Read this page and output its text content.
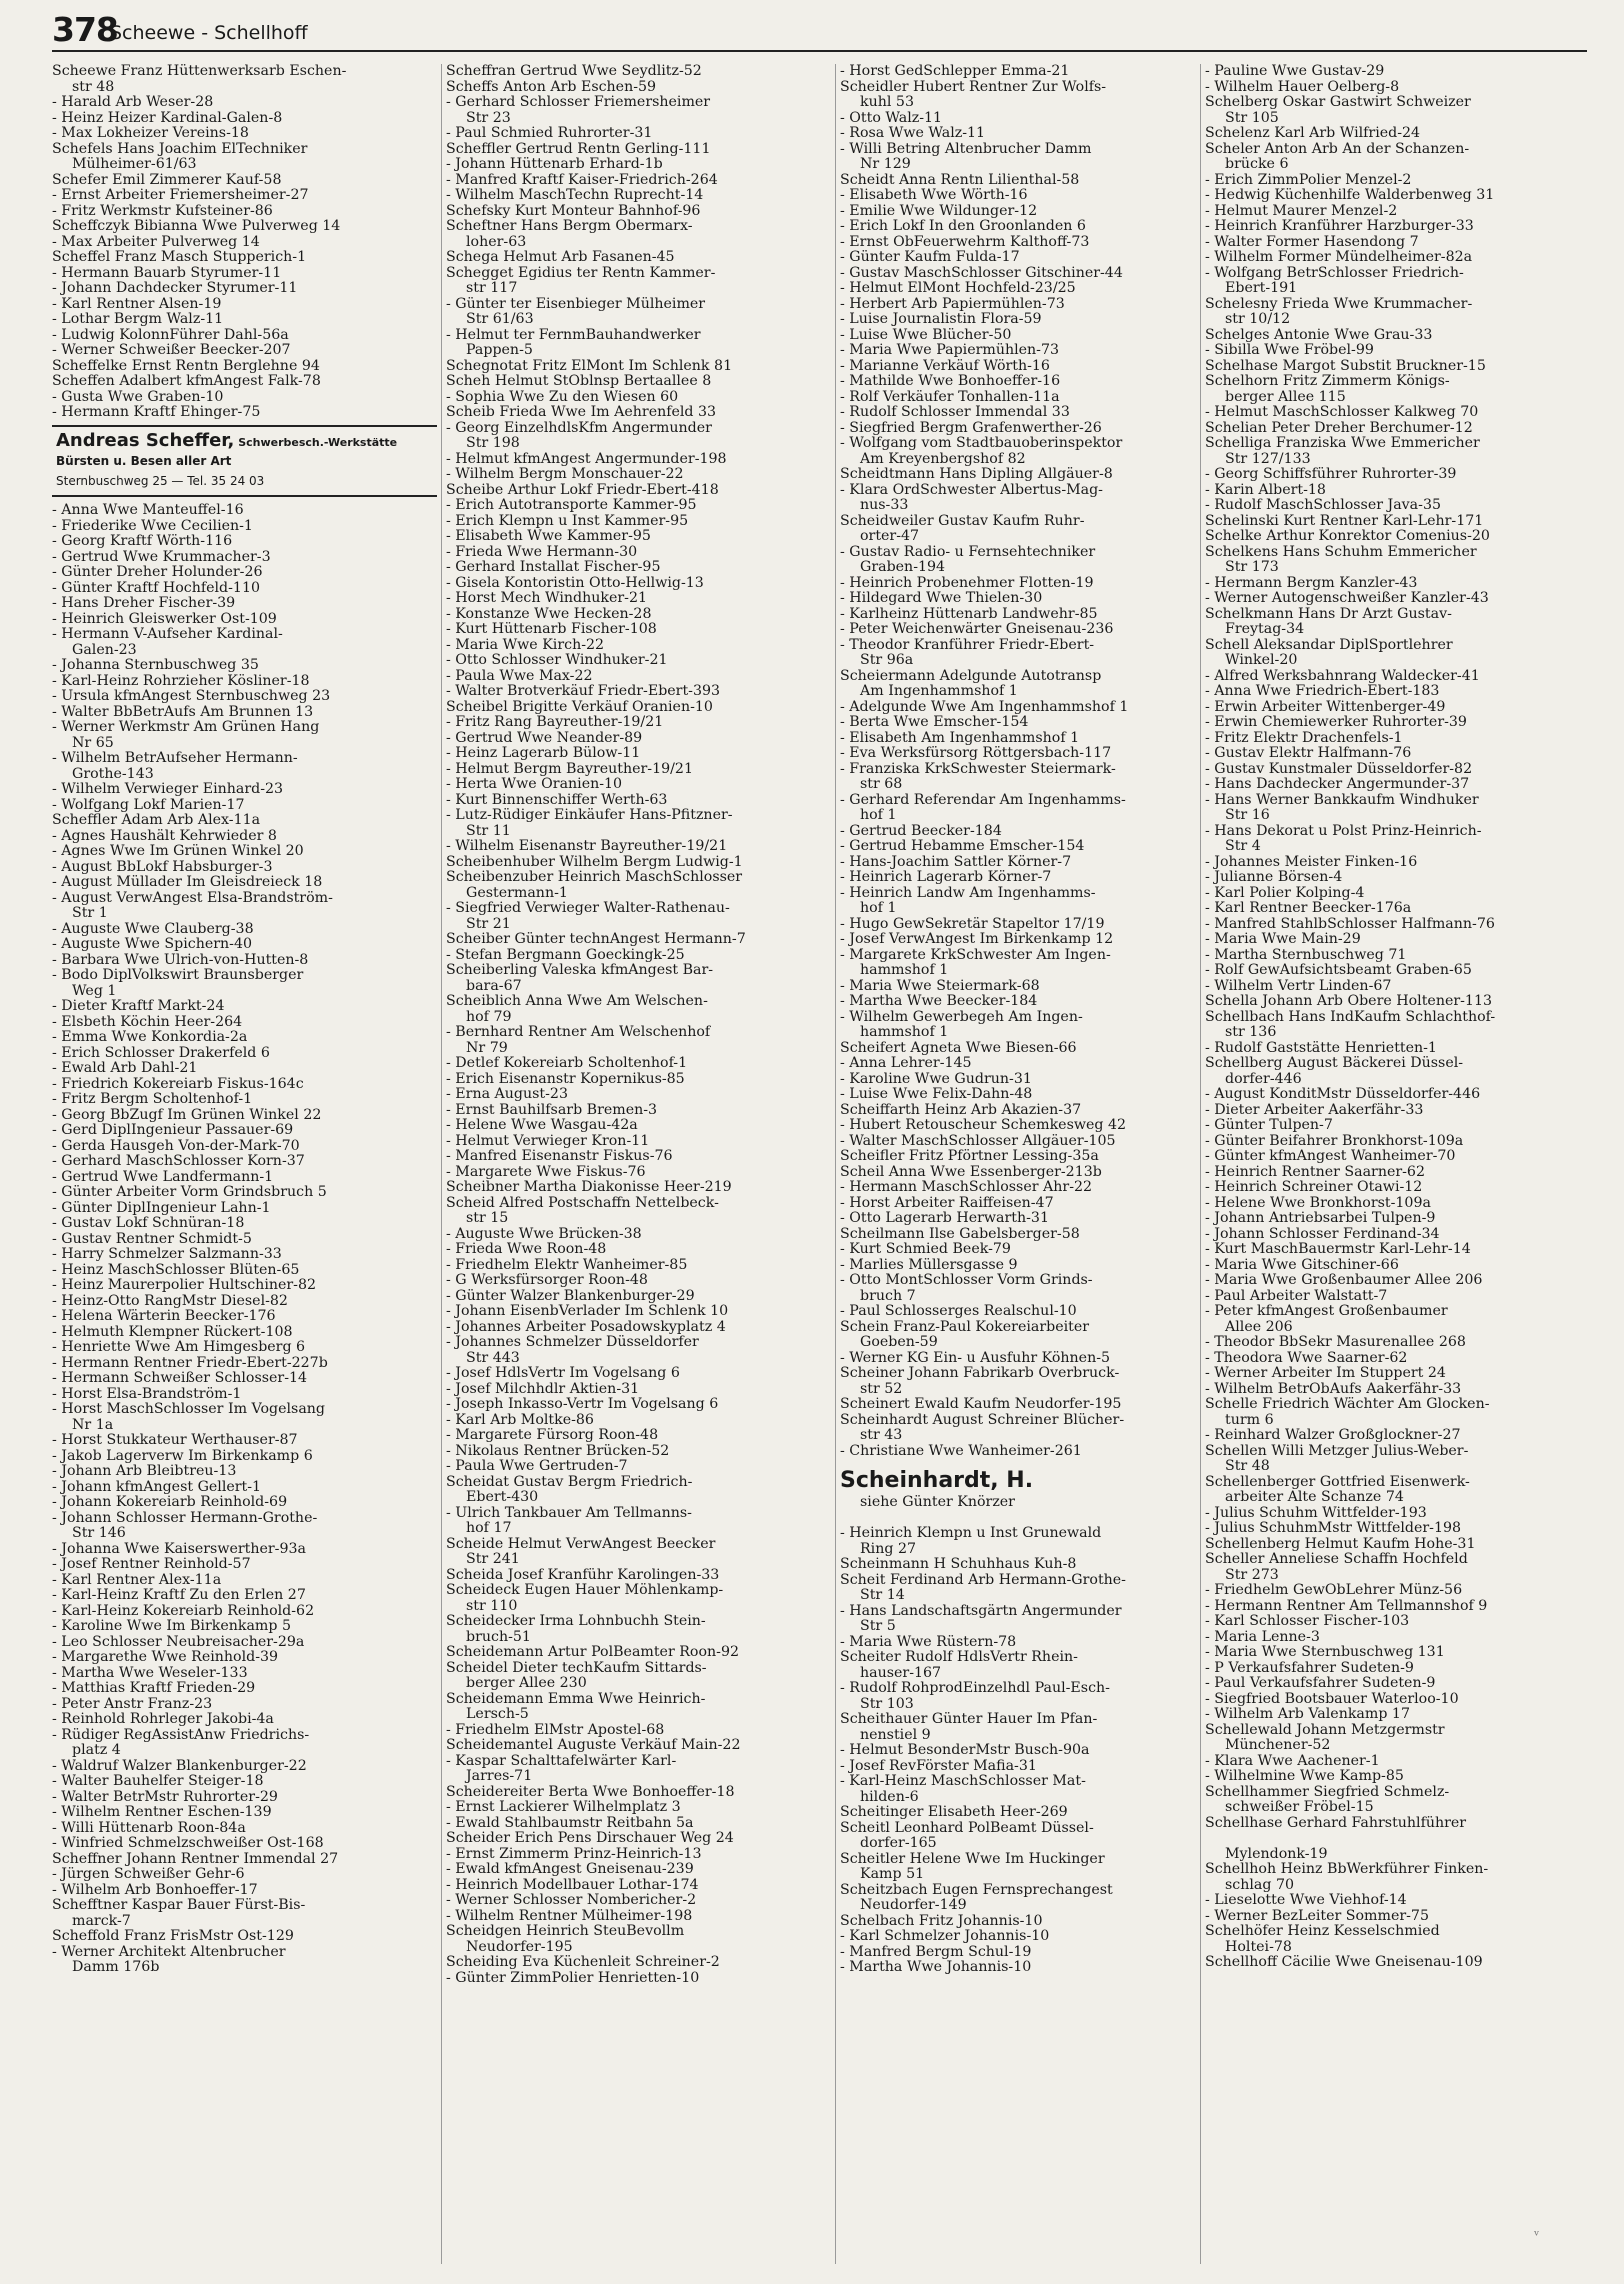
378
Scheewe - Schellhoff
Scheewe Franz Hüttenwerksarb Eschen-
str 48
- Harald Arb Weser-28
- Heinz Heizer Kardinal-Galen-8
- Max Lokheizer Vereins-18
Schefels Hans Joachim ElTechniker
Mülheimer-61/63
Schefer Emil Zimmerer Kauf-58
- Ernst Arbeiter Friemersheimer-27
- Fritz Werkmstr Kufsteiner-86
Scheffczyk Bibianna Wwe Pulverweg 14
- Max Arbeiter Pulverweg 14
Scheffel Franz Masch Stupperich-1
- Hermann Bauarb Styrumer-11
- Johann Dachdecker Styrumer-11
- Karl Rentner Alsen-19
- Lothar Bergm Walz-11
- Ludwig KolonnFührer Dahl-56a
- Werner Schweißer Beecker-207
Scheffelke Ernst Rentn Berglehne 94
Scheffen Adalbert kfmAngest Falk-78
- Gusta Wwe Graben-10
- Hermann Kraftf Ehinger-75
Andreas Scheffer, Schwerbesch.-Werkstätte
Bürsten u. Besen aller Art
Sternbuschweg 25 — Tel. 35 24 03
- Anna Wwe Manteuffel-16
- Friederike Wwe Cecilien-1
- Georg Kraftf Wörth-116
- Gertrud Wwe Krummacher-3
- Günter Dreher Holunder-26
- Günter Kraftf Hochfeld-110
- Hans Dreher Fischer-39
- Heinrich Gleiswerker Ost-109
- Hermann V-Aufseher Kardinal-
Galen-23
- Johanna Sternbuschweg 35
- Karl-Heinz Rohrzieher Kösliner-18
- Ursula kfmAngest Sternbuschweg 23
- Walter BbBetrAufs Am Brunnen 13
- Werner Werkmstr Am Grünen Hang
Nr 65
- Wilhelm BetrAufseher Hermann-
Grothe-143
- Wilhelm Verwieger Einhard-23
- Wolfgang Lokf Marien-17
Scheffler Adam Arb Alex-11a
- Agnes Haushält Kehrwieder 8
- Agnes Wwe Im Grünen Winkel 20
- August BbLokf Habsburger-3
- August Mülladеr Im Gleisdreieck 18
- August VerwAngest Elsa-Brandström-
Str 1
- Auguste Wwe Clauberg-38
- Auguste Wwe Spichern-40
- Barbara Wwe Ulrich-von-Hutten-8
- Bodo DiplVolkswirt Braunsberger
Weg 1
- Dieter Kraftf Markt-24
- Elsbeth Köchin Heer-264
- Emma Wwe Konkordia-2a
- Erich Schlosser Drakerfeld 6
- Ewald Arb Dahl-21
- Friedrich Kokereiarb Fiskus-164c
- Fritz Bergm Scholtenhof-1
- Georg BbZugf Im Grünen Winkel 22
- Gerd DiplIngenieur Passauer-69
- Gerda Hausgeh Von-der-Mark-70
- Gerhard MaschSchlosser Korn-37
- Gertrud Wwe Landfermann-1
- Günter Arbeiter Vorm Grindsbruch 5
- Günter DiplIngenieur Lahn-1
- Gustav Lokf Schnüran-18
- Gustav Rentner Schmidt-5
- Harry Schmelzer Salzmann-33
- Heinz MaschSchlosser Blüten-65
- Heinz Maurerpolier Hultschiner-82
- Heinz-Otto RangMstr Diesel-82
- Helena Wärterin Beecker-176
- Helmuth Klempner Rückert-108
- Henriette Wwe Am Himgesberg 6
- Hermann Rentner Friedr-Ebert-227b
- Hermann Schweißer Schlosser-14
- Horst Elsa-Brandström-1
- Horst MaschSchlosser Im Vogelsang
Nr 1a
- Horst Stukkateur Werthauser-87
- Jakob Lagerverw Im Birkenkamp 6
- Johann Arb Bleibtreu-13
- Johann kfmAngest Gellert-1
- Johann Kokereiarb Reinhold-69
- Johann Schlosser Hermann-Grothe-
Str 146
- Johanna Wwe Kaiserswerther-93a
- Josef Rentner Reinhold-57
- Karl Rentner Alex-11a
- Karl-Heinz Kraftf Zu den Erlen 27
- Karl-Heinz Kokereiarb Reinhold-62
- Karoline Wwe Im Birkenkamp 5
- Leo Schlosser Neubreisacher-29a
- Margarethe Wwe Reinhold-39
- Martha Wwe Weseler-133
- Matthias Kraftf Frieden-29
- Peter Anstr Franz-23
- Reinhold Rohrleger Jakobi-4a
- Rüdiger RegAssistAnw Friedrichs-
platz 4
- Waldruf Walzer Blankenburger-22
- Walter Bauhelfer Steiger-18
- Walter BetrMstr Ruhrorter-29
- Wilhelm Rentner Eschen-139
- Willi Hüttenarb Roon-84a
- Winfried Schmelzschweißer Ost-168
Scheffner Johann Rentner Immendal 27
- Jürgen Schweißer Gehr-6
- Wilhelm Arb Bonhoeffer-17
Schefftner Kaspar Bauer Fürst-Bis-
marck-7
Scheffold Franz FrisMstr Ost-129
- Werner Architekt Altenbrucher
Damm 176b
Scheffran Gertrud Wwe Seydlitz-52
Scheffs Anton Arb Eschen-59
- Gerhard Schlosser Friemersheimer
Str 23
- Paul Schmied Ruhrorter-31
Scheffler Gertrud Rentn Gerling-111
- Johann Hüttenarb Erhard-1b
- Manfred Kraftf Kaiser-Friedrich-264
- Wilhelm MaschTechn Ruprecht-14
Schefsky Kurt Monteur Bahnhof-96
Scheftner Hans Bergm Obermarx-
loher-63
Schega Helmut Arb Fasanen-45
Schegget Egidius ter Rentn Kammer-
str 117
- Günter ter Eisenbieger Mülheimer
Str 61/63
- Helmut ter FernmBauhandwerker
Pappen-5
Schegnotat Fritz ElMont Im Schlenk 81
Scheh Helmut StOblnsp Bertaallee 8
- Sophia Wwe Zu den Wiesen 60
Scheib Frieda Wwe Im Aehrenfeld 33
- Georg EinzelhdlsKfm Angermunder
Str 198
- Helmut kfmAngest Angermunder-198
- Wilhelm Bergm Monschauer-22
Scheibe Arthur Lokf Friedr-Ebert-418
- Erich Autotransporte Kammer-95
- Erich Klempn u Inst Kammer-95
- Elisabeth Wwe Kammer-95
- Frieda Wwe Hermann-30
- Gerhard Installat Fischer-95
- Gisela Kontoristin Otto-Hellwig-13
- Horst Mech Windhuker-21
- Konstanze Wwe Hecken-28
- Kurt Hüttenarb Fischer-108
- Maria Wwe Kirch-22
- Otto Schlosser Windhuker-21
- Paula Wwe Max-22
- Walter Brotverkäuf Friedr-Ebert-393
Scheibel Brigitte Verkäuf Oranien-10
- Fritz Rang Bayreuther-19/21
- Gertrud Wwe Neander-89
- Heinz Lagerarb Bülow-11
- Helmut Bergm Bayreuther-19/21
- Herta Wwe Oranien-10
- Kurt Binnenschiffer Werth-63
- Lutz-Rüdiger Einkäufer Hans-Pfitzner-
Str 11
- Wilhelm Eisenanstr Bayreuther-19/21
Scheibenhuber Wilhelm Bergm Ludwig-1
Scheibenzuber Heinrich MaschSchlosser
Gestermann-1
- Siegfried Verwieger Walter-Rathenau-
Str 21
Scheiber Günter technAngest Hermann-7
- Stefan Bergmann Goeckingk-25
Scheiberling Valeska kfmAngest Bar-
bara-67
Scheiblich Anna Wwe Am Welschen-
hof 79
- Bernhard Rentner Am Welschenhof
Nr 79
- Detlef Kokereiarb Scholtenhof-1
- Erich Eisenanstr Kopernikus-85
- Erna August-23
- Ernst Bauhilfsarb Bremen-3
- Helene Wwe Wasgau-42a
- Helmut Verwieger Kron-11
- Manfred Eisenanstr Fiskus-76
- Margarete Wwe Fiskus-76
Scheibner Martha Diakonisse Heer-219
Scheid Alfred Postschaffn Nettelbeck-
str 15
- Auguste Wwe Brücken-38
- Frieda Wwe Roon-48
- Friedhelm Elektr Wanheimer-85
- G Werksfürsorger Roon-48
- Günter Walzer Blankenburger-29
- Johann EisenbVerlader Im Schlenk 10
- Johannes Arbeiter Posadowskyplatz 4
- Johannes Schmelzer Düsseldorfer
Str 443
- Josef HdlsVertr Im Vogelsang 6
- Josef Milchhdlr Aktien-31
- Joseph Inkasso-Vertr Im Vogelsang 6
- Karl Arb Moltke-86
- Margarete Fürsorg Roon-48
- Nikolaus Rentner Brücken-52
- Paula Wwe Gertruden-7
Scheidat Gustav Bergm Friedrich-
Ebert-430
- Ulrich Tankbauer Am Tellmanns-
hof 17
Scheide Helmut VerwAngest Beecker
Str 241
Scheida Josef Kranführ Karolingen-33
Scheideck Eugen Hauer Möhlenkamp-
str 110
Scheidecker Irma Lohnbuchh Stein-
bruch-51
Scheidemann Artur PolBeamter Roon-92
Scheidel Dieter techKaufm Sittards-
berger Allee 230
Scheidemann Emma Wwe Heinrich-
Lersch-5
- Friedhelm ElMstr Apostel-68
Scheidemantel Auguste Verkäuf Main-22
- Kaspar Schalttafelwärter Karl-
Jarres-71
Scheidereiter Berta Wwe Bonhoeffer-18
- Ernst Lackierer Wilhelmplatz 3
- Ewald Stahlbaumstr Reitbahn 5a
Scheider Erich Pens Dirschauer Weg 24
- Ernst Zimmerm Prinz-Heinrich-13
- Ewald kfmAngest Gneisenau-239
- Heinrich Modellbauer Lothar-174
- Werner Schlosser Nomberichеr-2
- Wilhelm Rentner Mülheimer-198
Scheidgen Heinrich SteuBevollm
Neudorfer-195
Scheiding Eva Küchenleit Schreiner-2
- Günter ZimmPolier Henrietten-10
- Horst GedSchlepper Emma-21
Scheidler Hubert Rentner Zur Wolfs-
kuhl 53
- Otto Walz-11
- Rosa Wwe Walz-11
- Willi Betring Altenbrucher Damm
Nr 129
Scheidt Anna Rentn Lilienthal-58
- Elisabeth Wwe Wörth-16
- Emilie Wwe Wildunger-12
- Erich Lokf In den Groonlanden 6
- Ernst ObFeuerwehrm Kalthoff-73
- Günter Kaufm Fulda-17
- Gustav MaschSchlosser Gitschiner-44
- Helmut ElMont Hochfeld-23/25
- Herbert Arb Papiermühlen-73
- Luise Journalistin Flora-59
- Luise Wwe Blücher-50
- Maria Wwe Papiermühlen-73
- Marianne Verkäuf Wörth-16
- Mathilde Wwe Bonhoeffer-16
- Rolf Verkäufer Tonhallen-11a
- Rudolf Schlosser Immendal 33
- Siegfried Bergm Grafenwerther-26
- Wolfgang vom Stadtbauoberinspektor
Am Kreyenbergshof 82
Scheidtmann Hans Dipling Allgäuer-8
- Klara OrdSchwester Albertus-Mag-
nus-33
Scheidweiler Gustav Kaufm Ruhr-
orter-47
- Gustav Radio- u Fernsehtechniker
Graben-194
- Heinrich Probenehmer Flotten-19
- Hildegard Wwe Thielen-30
- Karlheinz Hüttenarb Landwehr-85
- Peter Weichenwärter Gneisenau-236
- Theodor Kranführer Friedr-Ebert-
Str 96a
Scheiermann Adelgunde Autotransp
Am Ingenhammshof 1
- Adelgunde Wwe Am Ingenhammshof 1
- Berta Wwe Emscher-154
- Elisabeth Am Ingenhammshof 1
- Eva Werksfürsorg Röttgersbach-117
- Franziska KrkSchwester Steiermark-
str 68
- Gerhard Referendar Am Ingenhamms-
hof 1
- Gertrud Beecker-184
- Gertrud Hebamme Emscher-154
- Hans-Joachim Sattler Körner-7
- Heinrich Lagerarb Körner-7
- Heinrich Landw Am Ingenhamms-
hof 1
- Hugo GewSekretär Stapeltor 17/19
- Josef VerwAngest Im Birkenkamp 12
- Margarete KrkSchwester Am Ingen-
hammshof 1
- Maria Wwe Steiermark-68
- Martha Wwe Beecker-184
- Wilhelm Gewerbegeh Am Ingen-
hammshof 1
Scheifert Agneta Wwe Biesen-66
- Anna Lehrer-145
- Karoline Wwe Gudrun-31
- Luise Wwe Felix-Dahn-48
Scheiffarth Heinz Arb Akazien-37
- Hubert Retouscheur Schemkesweg 42
- Walter MaschSchlosser Allgäuer-105
Scheifler Fritz Pförtner Lessing-35a
Scheil Anna Wwe Essenberger-213b
- Hermann MaschSchlosser Ahr-22
- Horst Arbeiter Raiffeisen-47
- Otto Lagerarb Herwarth-31
Scheilmann Ilse Gabelsberger-58
- Kurt Schmied Beek-79
- Marlies Müllersgasse 9
- Otto MontSchlosser Vorm Grinds-
bruch 7
- Paul Schlosserges Realschul-10
Schein Franz-Paul Kokereiarbeiter
Goeben-59
- Werner KG Ein- u Ausfuhr Köhnen-5
Scheiner Johann Fabrikarb Overbruck-
str 52
Scheinert Ewald Kaufm Neudorfer-195
Scheinhardt August Schreiner Blücher-
str 43
- Christiane Wwe Wanheimer-261
Scheinhardt, H.
siehe Günter Knörzer

- Heinrich Klempn u Inst Grunewald
Ring 27
Scheinmann H Schuhhaus Kuh-8
Scheit Ferdinand Arb Hermann-Grothe-
Str 14
- Hans Landschaftsgärtn Angermunder
Str 5
- Maria Wwe Rüstern-78
Scheiter Rudolf HdlsVertr Rhein-
hauser-167
- Rudolf RohprodEinzelhdl Paul-Esch-
Str 103
Scheithauer Günter Hauer Im Pfan-
nenstiel 9
- Helmut BesonderMstr Busch-90a
- Josef RevFörster Mafia-31
- Karl-Heinz MaschSchlosser Mat-
hilden-6
Scheitinger Elisabeth Heer-269
Scheitl Leonhard PolBeamt Düssel-
dorfer-165
Scheitler Helene Wwe Im Huckinger
Kamp 51
Scheitzbach Eugen Fernsprechangest
Neudorfer-149
Schelbach Fritz Johannis-10
- Karl Schmelzer Johannis-10
- Manfred Bergm Schul-19
- Martha Wwe Johannis-10
- Pauline Wwe Gustav-29
- Wilhelm Hauer Oelberg-8
Schelberg Oskar Gastwirt Schweizer
Str 105
Schelenz Karl Arb Wilfried-24
Scheler Anton Arb An der Schanzen-
brücke 6
- Erich ZimmPolier Menzel-2
- Hedwig Küchenhilfe Walderbenweg 31
- Helmut Maurer Menzel-2
- Heinrich Kranführer Harzburger-33
- Walter Former Hasendong 7
- Wilhelm Former Mündelheimer-82a
- Wolfgang BetrSchlosser Friedrich-
Ebert-191
Schelesny Frieda Wwe Krummacher-
str 10/12
Schelges Antonie Wwe Grau-33
- Sibilla Wwe Fröbel-99
Schelhase Margot Substit Bruckner-15
Schelhorn Fritz Zimmerm Königs-
berger Allee 115
- Helmut MaschSchlosser Kalkweg 70
Schelian Peter Dreher Berchumer-12
Schelliga Franziska Wwe Emmericher
Str 127/133
- Georg Schiffsführer Ruhrorter-39
- Karin Albert-18
- Rudolf MaschSchlosser Java-35
Schelinski Kurt Rentner Karl-Lehr-171
Schelke Arthur Konrektor Comenius-20
Schelkens Hans Schuhm Emmericher
Str 173
- Hermann Bergm Kanzler-43
- Werner Autogenschweißer Kanzler-43
Schelkmann Hans Dr Arzt Gustav-
Freytag-34
Schell Aleksandar DiplSportlehrer
Winkel-20
- Alfred Werksbahnrang Waldecker-41
- Anna Wwe Friedrich-Ebert-183
- Erwin Arbeiter Wittenberger-49
- Erwin Chemiewerker Ruhrorter-39
- Fritz Elektr Drachenfels-1
- Gustav Elektr Halfmann-76
- Gustav Kunstmaler Düsseldorfer-82
- Hans Dachdecker Angermunder-37
- Hans Werner Bankkaufm Windhuker
Str 16
- Hans Dekorat u Polst Prinz-Heinrich-
Str 4
- Johannes Meister Finken-16
- Julianne Börsen-4
- Karl Polier Kolping-4
- Karl Rentner Beecker-176a
- Manfred StahlbSchlosser Halfmann-76
- Maria Wwe Main-29
- Martha Sternbuschweg 71
- Rolf GewAufsichtsbeamt Graben-65
- Wilhelm Vertr Linden-67
Schella Johann Arb Obere Holtener-113
Schellbach Hans IndKaufm Schlachthof-
str 136
- Rudolf Gaststätte Henrietten-1
Schellberg August Bäckerei Düssel-
dorfer-446
- August KonditMstr Düsseldorfer-446
- Dieter Arbeiter Aakerfähr-33
- Günter Tulpen-7
- Günter Beifahrer Bronkhorst-109a
- Günter kfmAngest Wanheimer-70
- Heinrich Rentner Saarner-62
- Heinrich Schreiner Otawi-12
- Helene Wwe Bronkhorst-109a
- Johann Antriebsarbei Tulpen-9
- Johann Schlosser Ferdinand-34
- Kurt MaschBauermstr Karl-Lehr-14
- Maria Wwe Gitschiner-66
- Maria Wwe Großenbaumer Allee 206
- Paul Arbeiter Walstatt-7
- Peter kfmAngest Großenbaumer
Allee 206
- Theodor BbSekr Masurenallee 268
- Theodora Wwe Saarner-62
- Werner Arbeiter Im Stuppert 24
- Wilhelm BetrObAufs Aakerfähr-33
Schelle Friedrich Wächter Am Glocken-
turm 6
- Reinhard Walzer Großglockner-27
Schellen Willi Metzger Julius-Weber-
Str 48
Schellenberger Gottfried Eisenwerk-
arbeiter Alte Schanze 74
- Julius Schuhm Wittfelder-193
- Julius SchuhmMstr Wittfelder-198
Schellenberg Helmut Kaufm Hohe-31
Scheller Anneliese Schaffn Hochfeld
Str 273
- Friedhelm GewObLehrer Münz-56
- Hermann Rentner Am Tellmannshof 9
- Karl Schlosser Fischer-103
- Maria Lenne-3
- Maria Wwe Sternbuschweg 131
- P Verkaufsfahrer Sudeten-9
- Paul Verkaufsfahrer Sudeten-9
- Siegfried Bootsbauer Waterloo-10
- Wilhelm Arb Valenkamp 17
Schellewald Johann Metzgermstr
Münchener-52
- Klara Wwe Aachener-1
- Wilhelmine Wwe Kamp-85
Schellhammer Siegfried Schmelz-
schweißer Fröbel-15
Schellhase Gerhard Fahrstuhlführer

Mylendonk-19
Schellhoh Heinz BbWerkführer Finken-
schlag 70
- Lieselotte Wwe Viehhof-14
- Werner BezLeiter Sommer-75
Schelhöfer Heinz Kesselschmied
Holtei-78
Schellhoff Cäcilie Wwe Gneisenau-109
ᵛ
